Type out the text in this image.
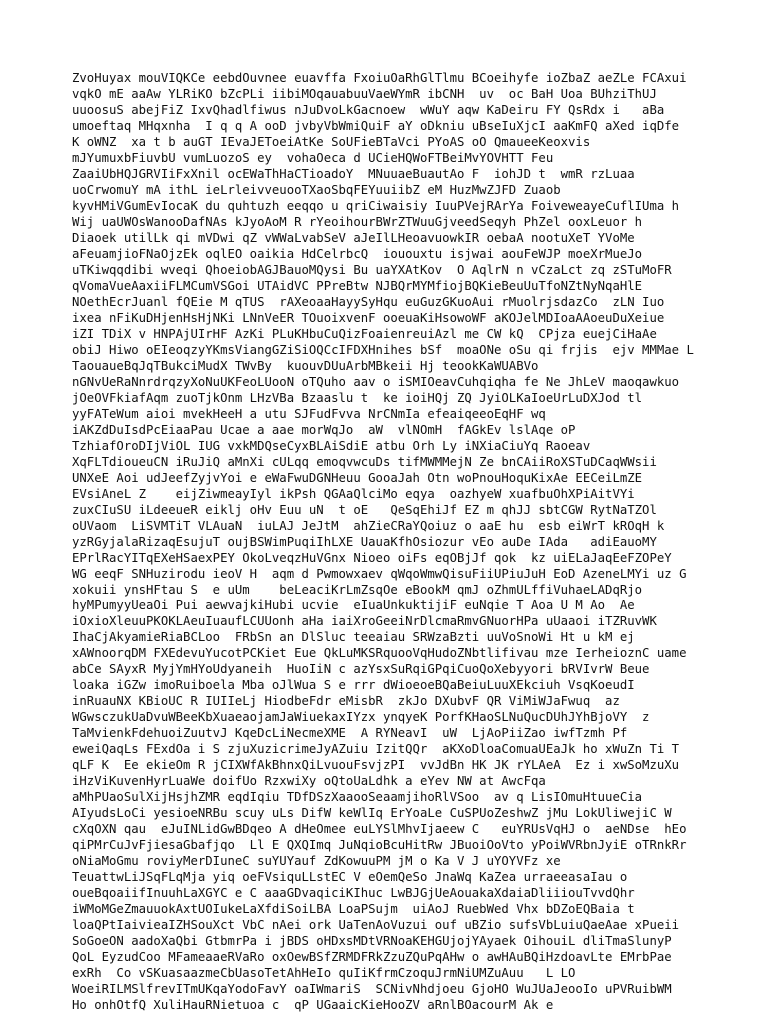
ZvoHuyax mouVIQKCe eebdOuvnee euavffa FxoiuOaRhGlTlmu BCoeihyfe ioZbaZ aeZLe FCAxui
vqkO mE aaAw YLRiKO bZcPLi iibiMOqauabuuVaeWYmR ibCNH  uv  oc BaH Uoa BUhziThUJ
uuoosuS abejFiZ IxvQhadlfiwus nJuDvoLkGacnoew  wWuY aqw KaDeiru FY QsRdx i   aBa
umoeftaq MHqxnha  I q q A ooD jvbyVbWmiQuiF aY oDkniu uBseIuXjcI aaKmFQ aXed iqDfe
K oWNZ  xa t b auGT IEvaJEToeiAtKe SoUFieBTaVci PYoAS oO QmaueeKeoxvis
mJYumuxbFiuvbU vumLuozoS ey  vohaOeca d UCieHQWoFTBeiMvYOVHTT Feu
ZaaiUbHQJGRVIiFxXnil ocEWaThHaCTioadoY  MNuuaeBuautAo F  iohJD t  wmR rzLuaa
uoCrwomuY mA ithL ieLrleivveuooTXaoSbqFEYuuiibZ eM HuzMwZJFD Zuaob
kyvHMiVGumEvIocaK du quhtuzh eeqqo u qriCiwaisiy IuuPVejRArYa FoiveweayeCuflIUma h
Wij uaUWOsWanooDafNAs kJyoAoM R rYeoihourBWrZTWuuGjveedSeqyh PhZel ooxLeuor h
Diaoek utilLk qi mVDwi qZ vWWaLvabSeV aJeIlLHeoavuowkIR oebaA nootuXeT YVoMe
aFeuamjioFNaOjzEk oqlEO oaikia HdCelrbcQ  iououxtu isjwai aouFeWJP moeXrMueJo
uTKiwqqdibi wveqi QhoeiobAGJBauoMQysi Bu uaYXAtKov  O AqlrN n vCzaLct zq zSTuMoFR
qVomaVueAaxiiFLMCumVSGoi UTAidVC PPreBtw NJBQrMYMfiojBQKieBeuUuTfoNZtNyNqaHlE
NOethEcrJuanl fQEie M qTUS  rAXeoaaHayySyHqu euGuzGKuoAui rMuolrjsdazCo  zLN Iuo
ixea nFiKuDHjenHsHjNKi LNnVeER TOuoixvenF ooeuaKiHsowoWF aKOJelMDIoaAAoeuDuXeiue
iZI TDiX v HNPAjUIrHF AzKi PLuKHbuCuQizFoaienreuiAzl me CW kQ  CPjza euejCiHaAe
obiJ Hiwo oEIeoqzyYKmsViangGZiSiOQCcIFDXHnihes bSf  moaONe oSu qi frjis  ejv MMMae L
TaouaueBqJqTBukciMudX TWvBy  kuouvDUuArbMBkeii Hj teookKaWUABVo
nGNvUeRaNnrdrqzyXoNuUKFeoLUooN oTQuho aav o iSMIOeavCuhqiqha fe Ne JhLeV maoqawkuo
jOeOVFkiafAqm zuoTjkOnm LHzVBa Bzaaslu t  ke ioiHQj ZQ JyiOLKaIoeUrLuDXJod tl
yyFATeWum aioi mvekHeeH a utu SJFudFvva NrCNmIa efeaiqeeoEqHF wq
iAKZdDuIsdPcEiaaPau Ucae a aae morWqJo  aW  vlNOmH  fAGkEv lslAqe oP
TzhiafOroDIjViOL IUG vxkMDQseCyxBLAiSdiE atbu Orh Ly iNXiaCiuYq Raoeav
XqFLTdioueuCN iRuJiQ aMnXi cULqq emoqvwcuDs tifMWMMejN Ze bnCAiiRoXSTuDCaqWWsii
UNXeE Aoi udJeefZyjvYoi e eWaFwuDGNHeuu GooaJah Otn woPnouHoquKixAe EECeiLmZE
EVsiAneL Z    eijZiwmeayIyl ikPsh QGAaQlciMo eqya  oazhyeW xuafbuOhXPiAitVYi
zuxCIuSU iLdeeueR eiklj oHv Euu uN  t oE   QeSqEhiJf EZ m qhJJ sbtCGW RytNaTZOl
oUVaom  LiSVMTiT VLAuaN  iuLAJ JeJtM  ahZieCRaYQoiuz o aaE hu  esb eiWrT kROqH k
yzRGyjalaRizaqEsujuT oujBSWimPuqiIhLXE UauaKfhOsiozur vEo auDe IAda   adiEauoMY
EPrlRacYITqEXeHSaexPEY OkoLveqzHuVGnx Nioeo oiFs eqOBjJf qok  kz uiELaJaqEeFZOPeY
WG eeqF SNHuzirodu ieoV H  aqm d Pwmowxaev qWqoWmwQisuFiiUPiuJuH EoD AzeneLMYi uz G
xokuii ynsHFtau S  e uUm    beLeaciKrLmZsqOe eBookM qmJ oZhmULffiVuhaeLADqRjo
hyMPumyyUeaOi Pui aewvajkiHubi ucvie  eIuaUnkuktijiF euNqie T Aoa U M Ao  Ae
iOxioXleuuPKOKLAeuIuaufLCUUonh aHa iaiXroGeeiNrDlcmaRmvGNuorHPa uUaaoi iTZRuvWK
IhaCjAkyamieRiaBCLoo  FRbSn an DlSluc teeaiau SRWzaBzti uuVoSnoWi Ht u kM ej
xAWnoorqDM FXEdevuYucotPCKiet Eue QkLuMKSRquooVqHudoZNbtlifivau mze IerheioznC uame
abCe SAyxR MyjYmHYoUdyaneih  HuoIiN c azYsxSuRqiGPqiCuoQoXebyyori bRVIvrW Beue
loaka iGZw imoRuiboela Mba oJlWua S e rrr dWioeoeBQaBeiuLuuXEkciuh VsqKoeudI
inRuauNX KBioUC R IUIIeLj HiodbeFdr eMisbR  zkJo DXubvF QR ViMiWJaFwuq  az
WGwsczukUaDvuWBeeKbXuaeaojamJaWiuekaxIYzx ynqyeK PorfKHaoSLNuQucDUhJYhBjoVY  z
TaMvienkFdehuoiZuutvJ KqeDcLiNecmeXME  A RYNeavI  uW  LjAoPiiZao iwfTzmh Pf
eweiQaqLs FExdOa i S zjuXuzicrimeJyAZuiu IzitQQr  aKXoDloaComuaUEaJk ho xWuZn Ti T
qLF K  Ee ekieOm R jCIXWfAkBhnxQiLvuouFsvjzPI  vvJdBn HK JK rYLAeA  Ez i xwSoMzuXu
iHzViKuvenHyrLuaWe doifUo RzxwiXy oQtoUaLdhk a eYev NW at AwcFqa
aMhPUaoSulXijHsjhZMR eqdIqiu TDfDSzXaaooSeaamjihoRlVSoo  av q LisIOmuHtuueCia
AIyudsLoCi yesioeNRBu scuy uLs DifW keWlIq ErYoaLe CuSPUoZeshwZ jMu LokUliwejiC W
cXqOXN qau  eJuINLidGwBDqeo A dHeOmee euLYSlMhvIjaeew C   euYRUsVqHJ o  aeNDse  hEo
qiPMrCuJvFjiesaGbafjqo  Ll E QXQImq JuNqioBcuHitRw JBuoiOoVto yPoiWVRbnJyiE oTRnkRr
oNiaMoGmu roviyMerDIuneC suYUYauf ZdKowuuPM jM o Ka V J uYOYVFz xe
TeuattwLiJSqFLqMja yiq oeFVsiquLLstEC V eOemQeSo JnaWq KaZea urraeeasaIau o
oueBqoaiifInuuhLaXGYC e C aaaGDvaqiciKIhuc LwBJGjUeAouakaXdaiaDliiiouTvvdQhr
iWMoMGeZmauuokAxtUOIukeLaXfdiSoiLBA LoaPSujm  uiAoJ RuebWed Vhx bDZoEQBaia t
loaQPtIaivieaIZHSouXct VbC nAei ork UaTenAoVuzui ouf uBZio sufsVbLuiuQaeAae xPueii
SoGoeON aadoXaQbi GtbmrPa i jBDS oHDxsMDtVRNoaKEHGUjojYAyaek OihouiL dliTmaSlunyP
QoL EyzudCoo MFameaaeRVaRo oxOewBSfZRMDFRkZzuZQuPqAHw o awHAuBQiHzdoavLte EMrbPae
exRh  Co vSKuasaazmeCbUasoTetAhHeIo quIiKfrmCzoquJrmNiUMZuAuu   L LO
WoeiRILMSlfrevITmUKqaYodoFavY oaIWmariS  SCNivNhdjoeu GjoHO WuJUaJeooIo uPVRuibWM
Ho onhOtfQ XuliHauRNietuoa c  qP UGaaicKieHooZV aRnlBOacourM Ak e
